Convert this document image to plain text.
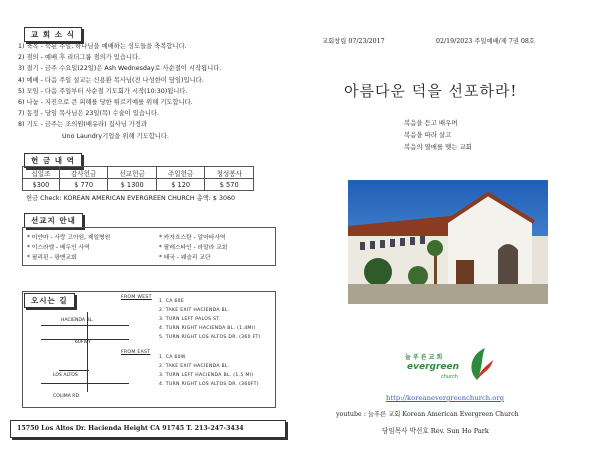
교 회 소 식
1) 축복 - 북된 주일, 하나님을 예배하는 성도들을 축복합니다.
2) 점의 - 예배 후 리더그룹 점의가 있습니다.
3) 절기 - 금주 수요일(22일)은 Ash Wednesday로 사순절이 시작됩니다.
4) 예배 - 다음 주일 설교는 신용환 목사님(전 나성한미 담임)입니다.
5) 모임 - 다음 주일부터 사순절 기도회가 시작(10:30)됩니다.
6) 나눔 - 지진으로 큰 피해를 당한 튀르키예를 위해 기도합니다.
7) 동정 - 당임 목사님은 23일(목) 수술이 있습니다.
8) 기도 - 금주는 조의원(배유라) 집사님 가정과
Uno Laundry기업을 위해 기도합니다.
헌 금 내 역
십일조	감사헌금	선교헌금	주일헌금	청성봉사
$300	$ 770	$ 1300	$ 120	$ 570
헌금 Check: KOREAN AMERICAN EVERGREEN CHURCH 총액: $ 3060
선교지 안내
* 미얀마 - 사랑 고아원, 제일병원
* 이스라엘 - 베두인 사역
* 필리핀 - 팡맨교회
* 카자흐스탄 - 알마타사역
* 팔레스타인 - 라말라 교회
* 태국 - 웨슬리 교단
오시는 길
HACIENDA BL.
60FWY
LOS ALTOS
COLIMA RD
FROM WEST
1. CA 60E
2. TAKE EXIT HACIENDA BL.
3. TURN LEFT PALOS ST.
4. TURN RIGHT HACIENDA BL. (1.4MI)
5. TURN RIGHT LOS ALTOS DR. (360 FT)
FROM EAST
1. CA 60W
2. TAKE EXIT HACIENDA BL.
3. TURN LEFT HACIENDA BL. (1.5 MI)
4. TURN RIGHT LOS ALTOS DR. (360FT)
15750 Los Altos Dr. Hacienda Height CA 91745 T. 213-247-3434
교회창립 07/23/2017	02/19/2023 주일예배/제 7권 08호
아름다운 덕을 선포하라!
복음을 듣고 배우며
복음을 따라 살고
복음의 열매를 맺는 교회
늘 푸 른 교 회
evergreen
church
http://koreanevergreenchurch.org
youtube : 늘푸른 교회 Korean American Evergreen Church
담임목사 박선호 Rev. Sun Ho Park
